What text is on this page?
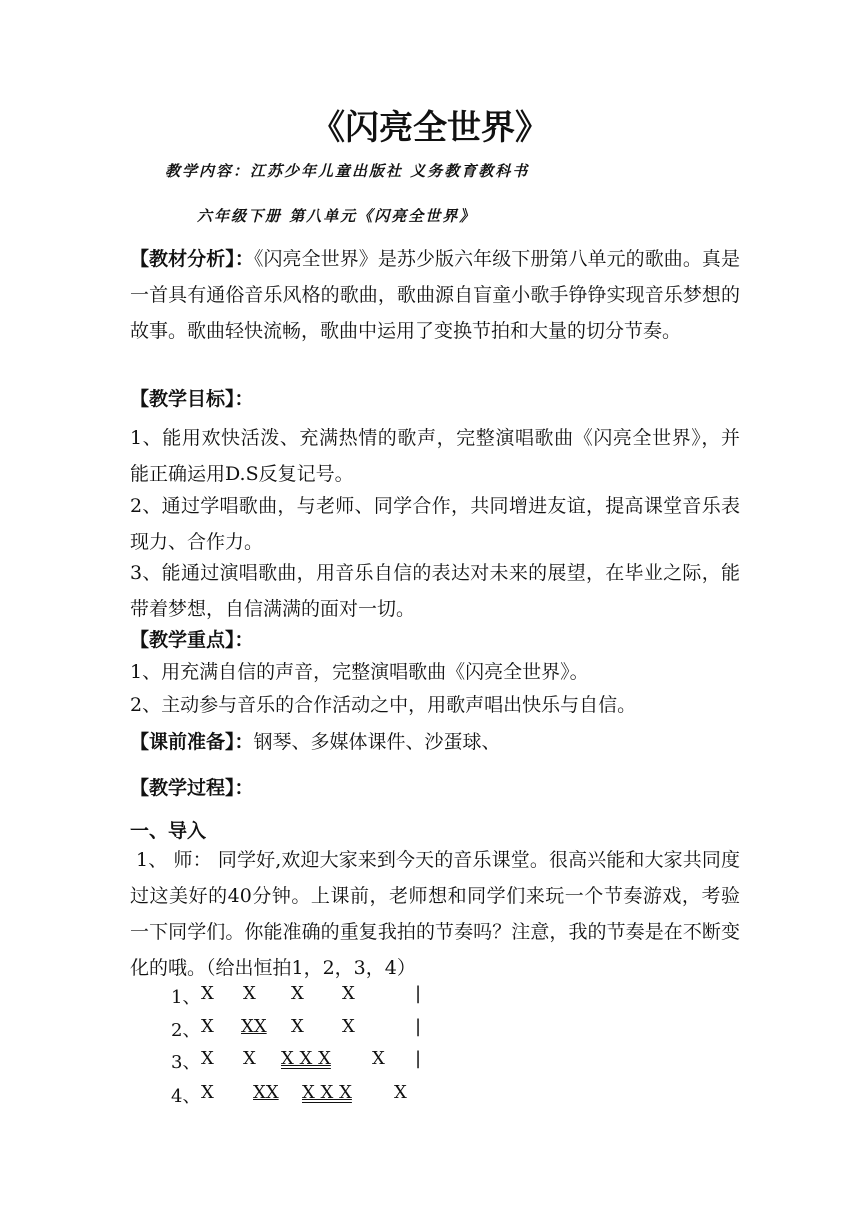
《闪亮全世界》
教学内容：江苏少年儿童出版社 义务教育教科书
六年级下册 第八单元《闪亮全世界》

【教材分析】：《闪亮全世界》是苏少版六年级下册第八单元的歌曲。真是一首具有通俗音乐风格的歌曲，歌曲源自盲童小歌手铮铮实现音乐梦想的故事。歌曲轻快流畅，歌曲中运用了变换节拍和大量的切分节奏。

【教学目标】：

1、能用欢快活泼、充满热情的歌声，完整演唱歌曲《闪亮全世界》，并能正确运用D.S反复记号。

2、通过学唱歌曲，与老师、同学合作，共同增进友谊，提高课堂音乐表现力、合作力。

3、能通过演唱歌曲，用音乐自信的表达对未来的展望，在毕业之际，能带着梦想，自信满满的面对一切。

【教学重点】：
1、用充满自信的声音，完整演唱歌曲《闪亮全世界》。
2、主动参与音乐的合作活动之中，用歌声唱出快乐与自信。
【课前准备】：钢琴、多媒体课件、沙蛋球、
【教学过程】：
一、导入

1、 师： 同学好,欢迎大家来到今天的音乐课堂。很高兴能和大家共同度过这美好的40分钟。上课前，老师想和同学们来玩一个节奏游戏，考验一下同学们。你能准确的重复我拍的节奏吗？注意，我的节奏是在不断变化的哦。（给出恒拍1，2，3，4）

1、 X X X X	|
2、 X XX X X	|
3、 X X X X X X |
4、 X XX X X X X
